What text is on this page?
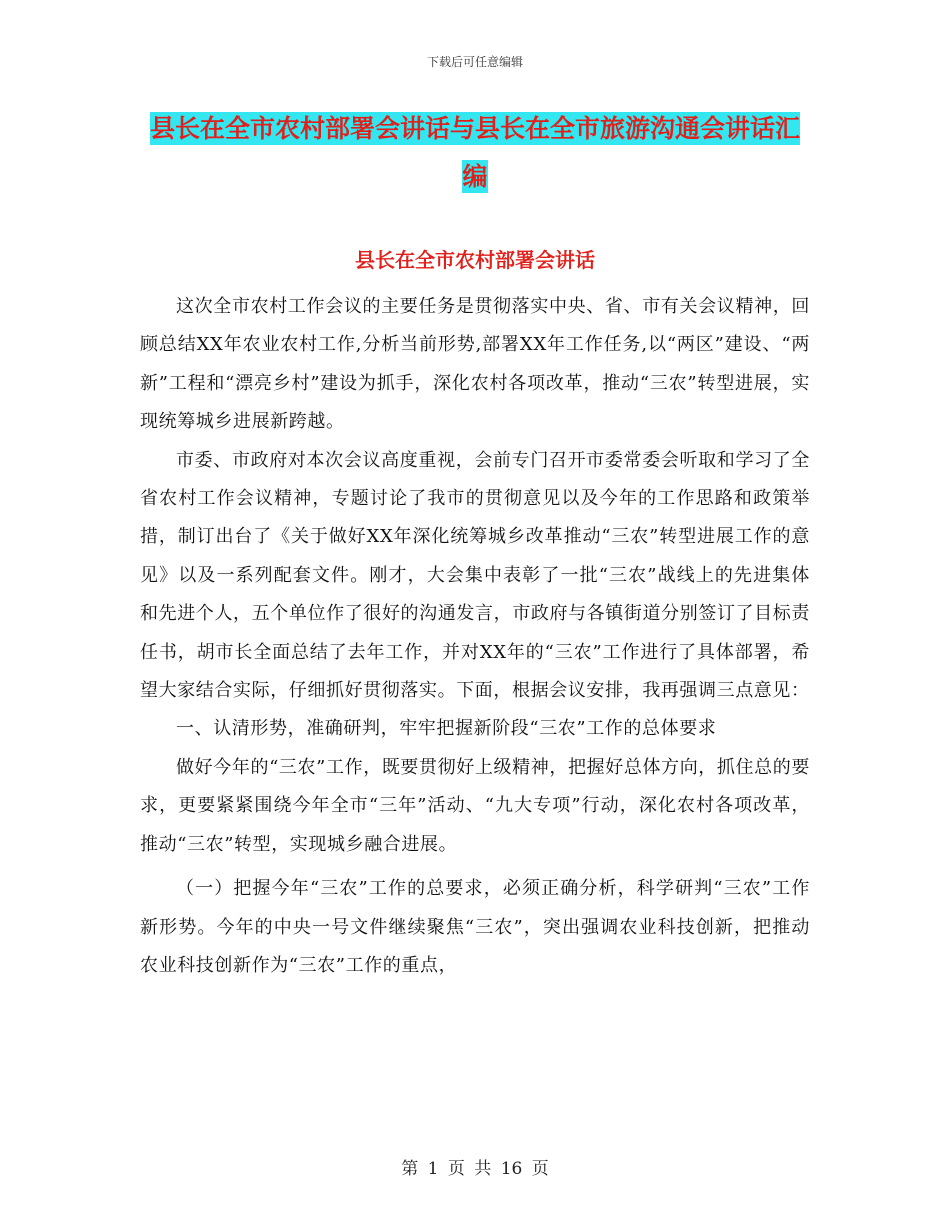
下载后可任意编辑
县长在全市农村部署会讲话与县长在全市旅游沟通会讲话汇编
县长在全市农村部署会讲话

这次全市农村工作会议的主要任务是贯彻落实中央、省、市有关会议精神，回顾总结XX年农业农村工作,分析当前形势,部署XX年工作任务,以“两区”建设、“两新”工程和“漂亮乡村”建设为抓手，深化农村各项改革，推动“三农”转型进展，实现统筹城乡进展新跨越。

市委、市政府对本次会议高度重视，会前专门召开市委常委会听取和学习了全省农村工作会议精神，专题讨论了我市的贯彻意见以及今年的工作思路和政策举措，制订出台了《关于做好XX年深化统筹城乡改革推动“三农”转型进展工作的意见》以及一系列配套文件。刚才，大会集中表彰了一批“三农”战线上的先进集体和先进个人，五个单位作了很好的沟通发言，市政府与各镇街道分别签订了目标责任书，胡市长全面总结了去年工作，并对XX年的“三农”工作进行了具体部署，希望大家结合实际，仔细抓好贯彻落实。下面，根据会议安排，我再强调三点意见：

一、认清形势，准确研判，牢牢把握新阶段“三农”工作的总体要求

做好今年的“三农”工作，既要贯彻好上级精神，把握好总体方向，抓住总的要求，更要紧紧围绕今年全市“三年”活动、“九大专项”行动，深化农村各项改革，推动“三农”转型，实现城乡融合进展。

（一）把握今年“三农”工作的总要求，必须正确分析，科学研判“三农”工作新形势。今年的中央一号文件继续聚焦“三农”，突出强调农业科技创新，把推动农业科技创新作为“三农”工作的重点，

第 1 页 共 16 页
